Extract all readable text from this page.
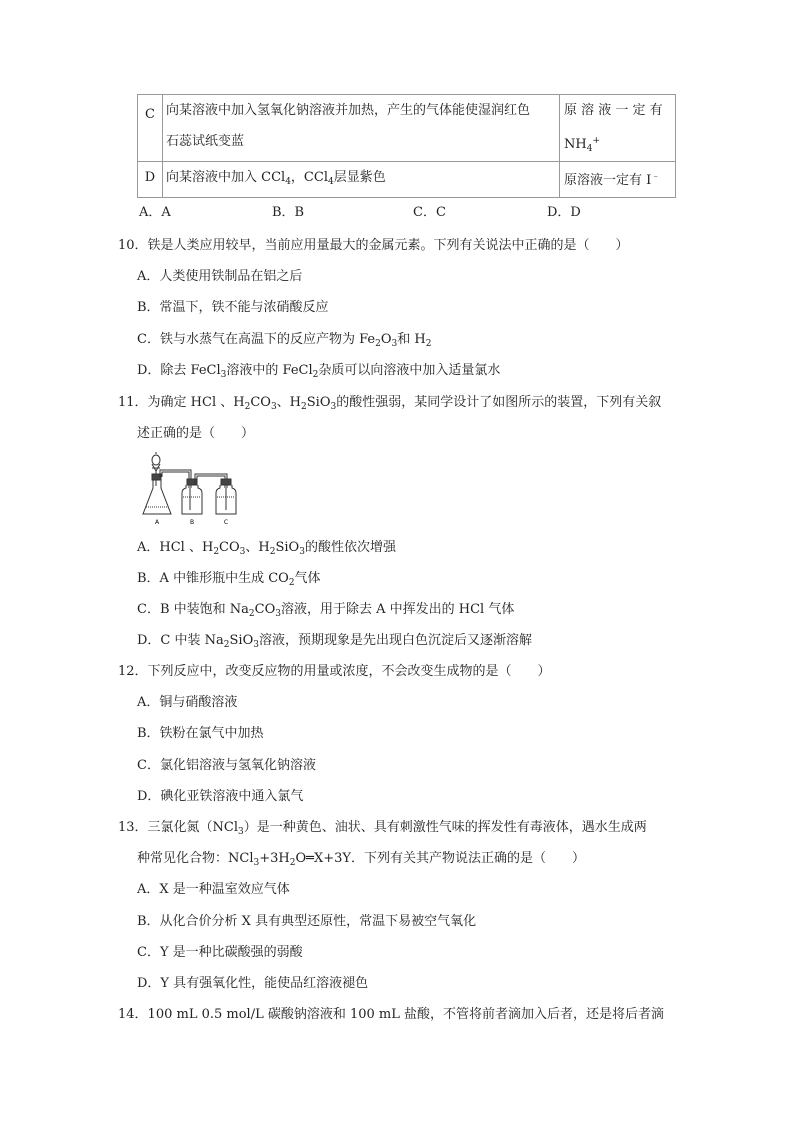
C	向某溶液中加入氢氧化钠溶液并加热，产生的气体能使湿润红色
石蕊试纸变蓝	原 溶 液 一 定 有
$NH_4^+$

D	向某溶液中加入 CCl$_4$，CCl$_4$层显紫色	原溶液一定有 I﹣
A．A	B．B	C．C	D．D
10．铁是人类应用较早，当前应用量最大的金属元素。下列有关说法中正确的是（　　）
A．人类使用铁制品在铝之后
B．常温下，铁不能与浓硝酸反应
C．铁与水蒸气在高温下的反应产物为 $Fe_2O_3$和 $H_2$
D．除去 FeCl$_3$溶液中的 FeCl$_2$杂质可以向溶液中加入适量氯水
11．为确定 HCl 、$H_2CO_3$、$H_2SiO_3$的酸性强弱，某同学设计了如图所示的装置，下列有关叙
述正确的是（　　）
A	B	C
A．HCl 、$H_2CO_3$、$H_2SiO_3$的酸性依次增强
B．A 中锥形瓶中生成 $CO_2$气体
C．B 中装饱和 $Na_2CO_3$溶液，用于除去 A 中挥发出的 HCl 气体
D．C 中装 $Na_2SiO_3$溶液，预期现象是先出现白色沉淀后又逐渐溶解
12．下列反应中，改变反应物的用量或浓度，不会改变生成物的是（　　）
A．铜与硝酸溶液
B．铁粉在氯气中加热
C．氯化铝溶液与氢氧化钠溶液
D．碘化亚铁溶液中通入氯气
13．三氯化氮（NCl$_3$）是一种黄色、油状、具有刺激性气味的挥发性有毒液体，遇水生成两
种常见化合物：$NCl_3+3H_2O═X+3Y$．下列有关其产物说法正确的是（　　）
A．X 是一种温室效应气体
B．从化合价分析 X 具有典型还原性，常温下易被空气氧化
C．Y 是一种比碳酸强的弱酸
D．Y 具有强氧化性，能使品红溶液褪色
14．100 mL 0.5 mol/L 碳酸钠溶液和 100 mL 盐酸，不管将前者滴加入后者，还是将后者滴
